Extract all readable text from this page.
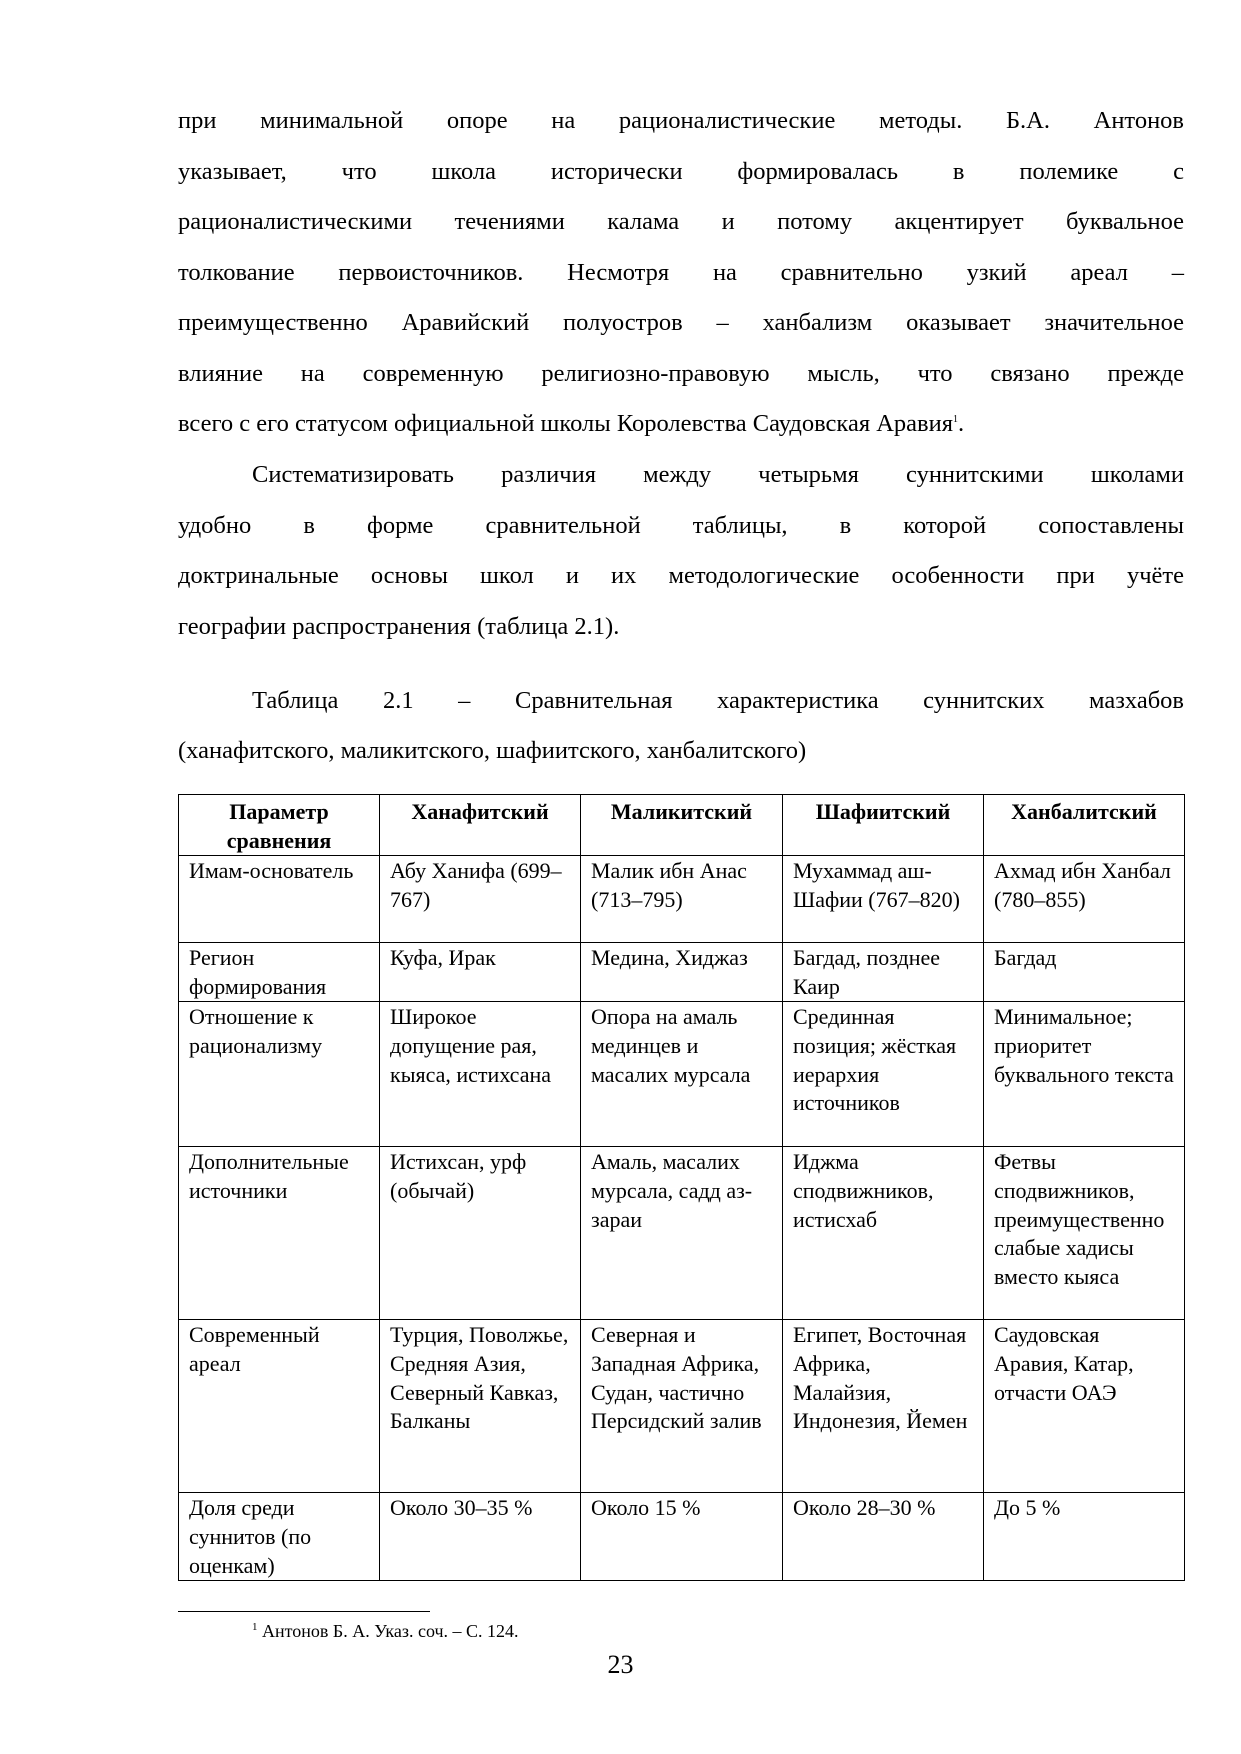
при минимальной опоре на рационалистические методы. Б.А. Антонов
указывает, что школа исторически формировалась в полемике с
рационалистическими течениями калама и потому акцентирует буквальное
толкование первоисточников. Несмотря на сравнительно узкий ареал –
преимущественно Аравийский полуостров – ханбализм оказывает значительное
влияние на современную религиозно-правовую мысль, что связано прежде
всего с его статусом официальной школы Королевства Саудовская Аравия$^1$.
Систематизировать различия между четырьмя суннитскими школами
удобно в форме сравнительной таблицы, в которой сопоставлены
доктринальные основы школ и их методологические особенности при учёте
географии распространения (таблица 2.1).
Таблица 2.1 – Сравнительная характеристика суннитских мазхабов
(ханафитского, маликитского, шафиитского, ханбалитского)
Параметр сравнения	Ханафитский	Маликитский	Шафиитский	Ханбалитский
Имам-основатель	Абу Ханифа (699–767)	Малик ибн Анас (713–795)	Мухаммад аш-Шафии (767–820)	Ахмад ибн Ханбал (780–855)
Регион формирования	Куфа, Ирак	Медина, Хиджаз	Багдад, позднее Каир	Багдад
Отношение к рационализму	Широкое допущение рая, кыяса, истихсана	Опора на амаль мединцев и масалих мурсала	Срединная позиция; жёсткая иерархия источников	Минимальное; приоритет буквального текста
Дополнительные источники	Истихсан, урф (обычай)	Амаль, масалих мурсала, садд аз-зараи	Иджма сподвижников, истисхаб	Фетвы сподвижников, преимущественно слабые хадисы вместо кыяса
Современный ареал	Турция, Поволжье, Средняя Азия, Северный Кавказ, Балканы	Северная и Западная Африка, Судан, частично Персидский залив	Египет, Восточная Африка, Малайзия, Индонезия, Йемен	Саудовская Аравия, Катар, отчасти ОАЭ
Доля среди суннитов (по оценкам)	Около 30–35 %	Около 15 %	Около 28–30 %	До 5 %
$^1$ Антонов Б. А. Указ. соч. – С. 124.
23
